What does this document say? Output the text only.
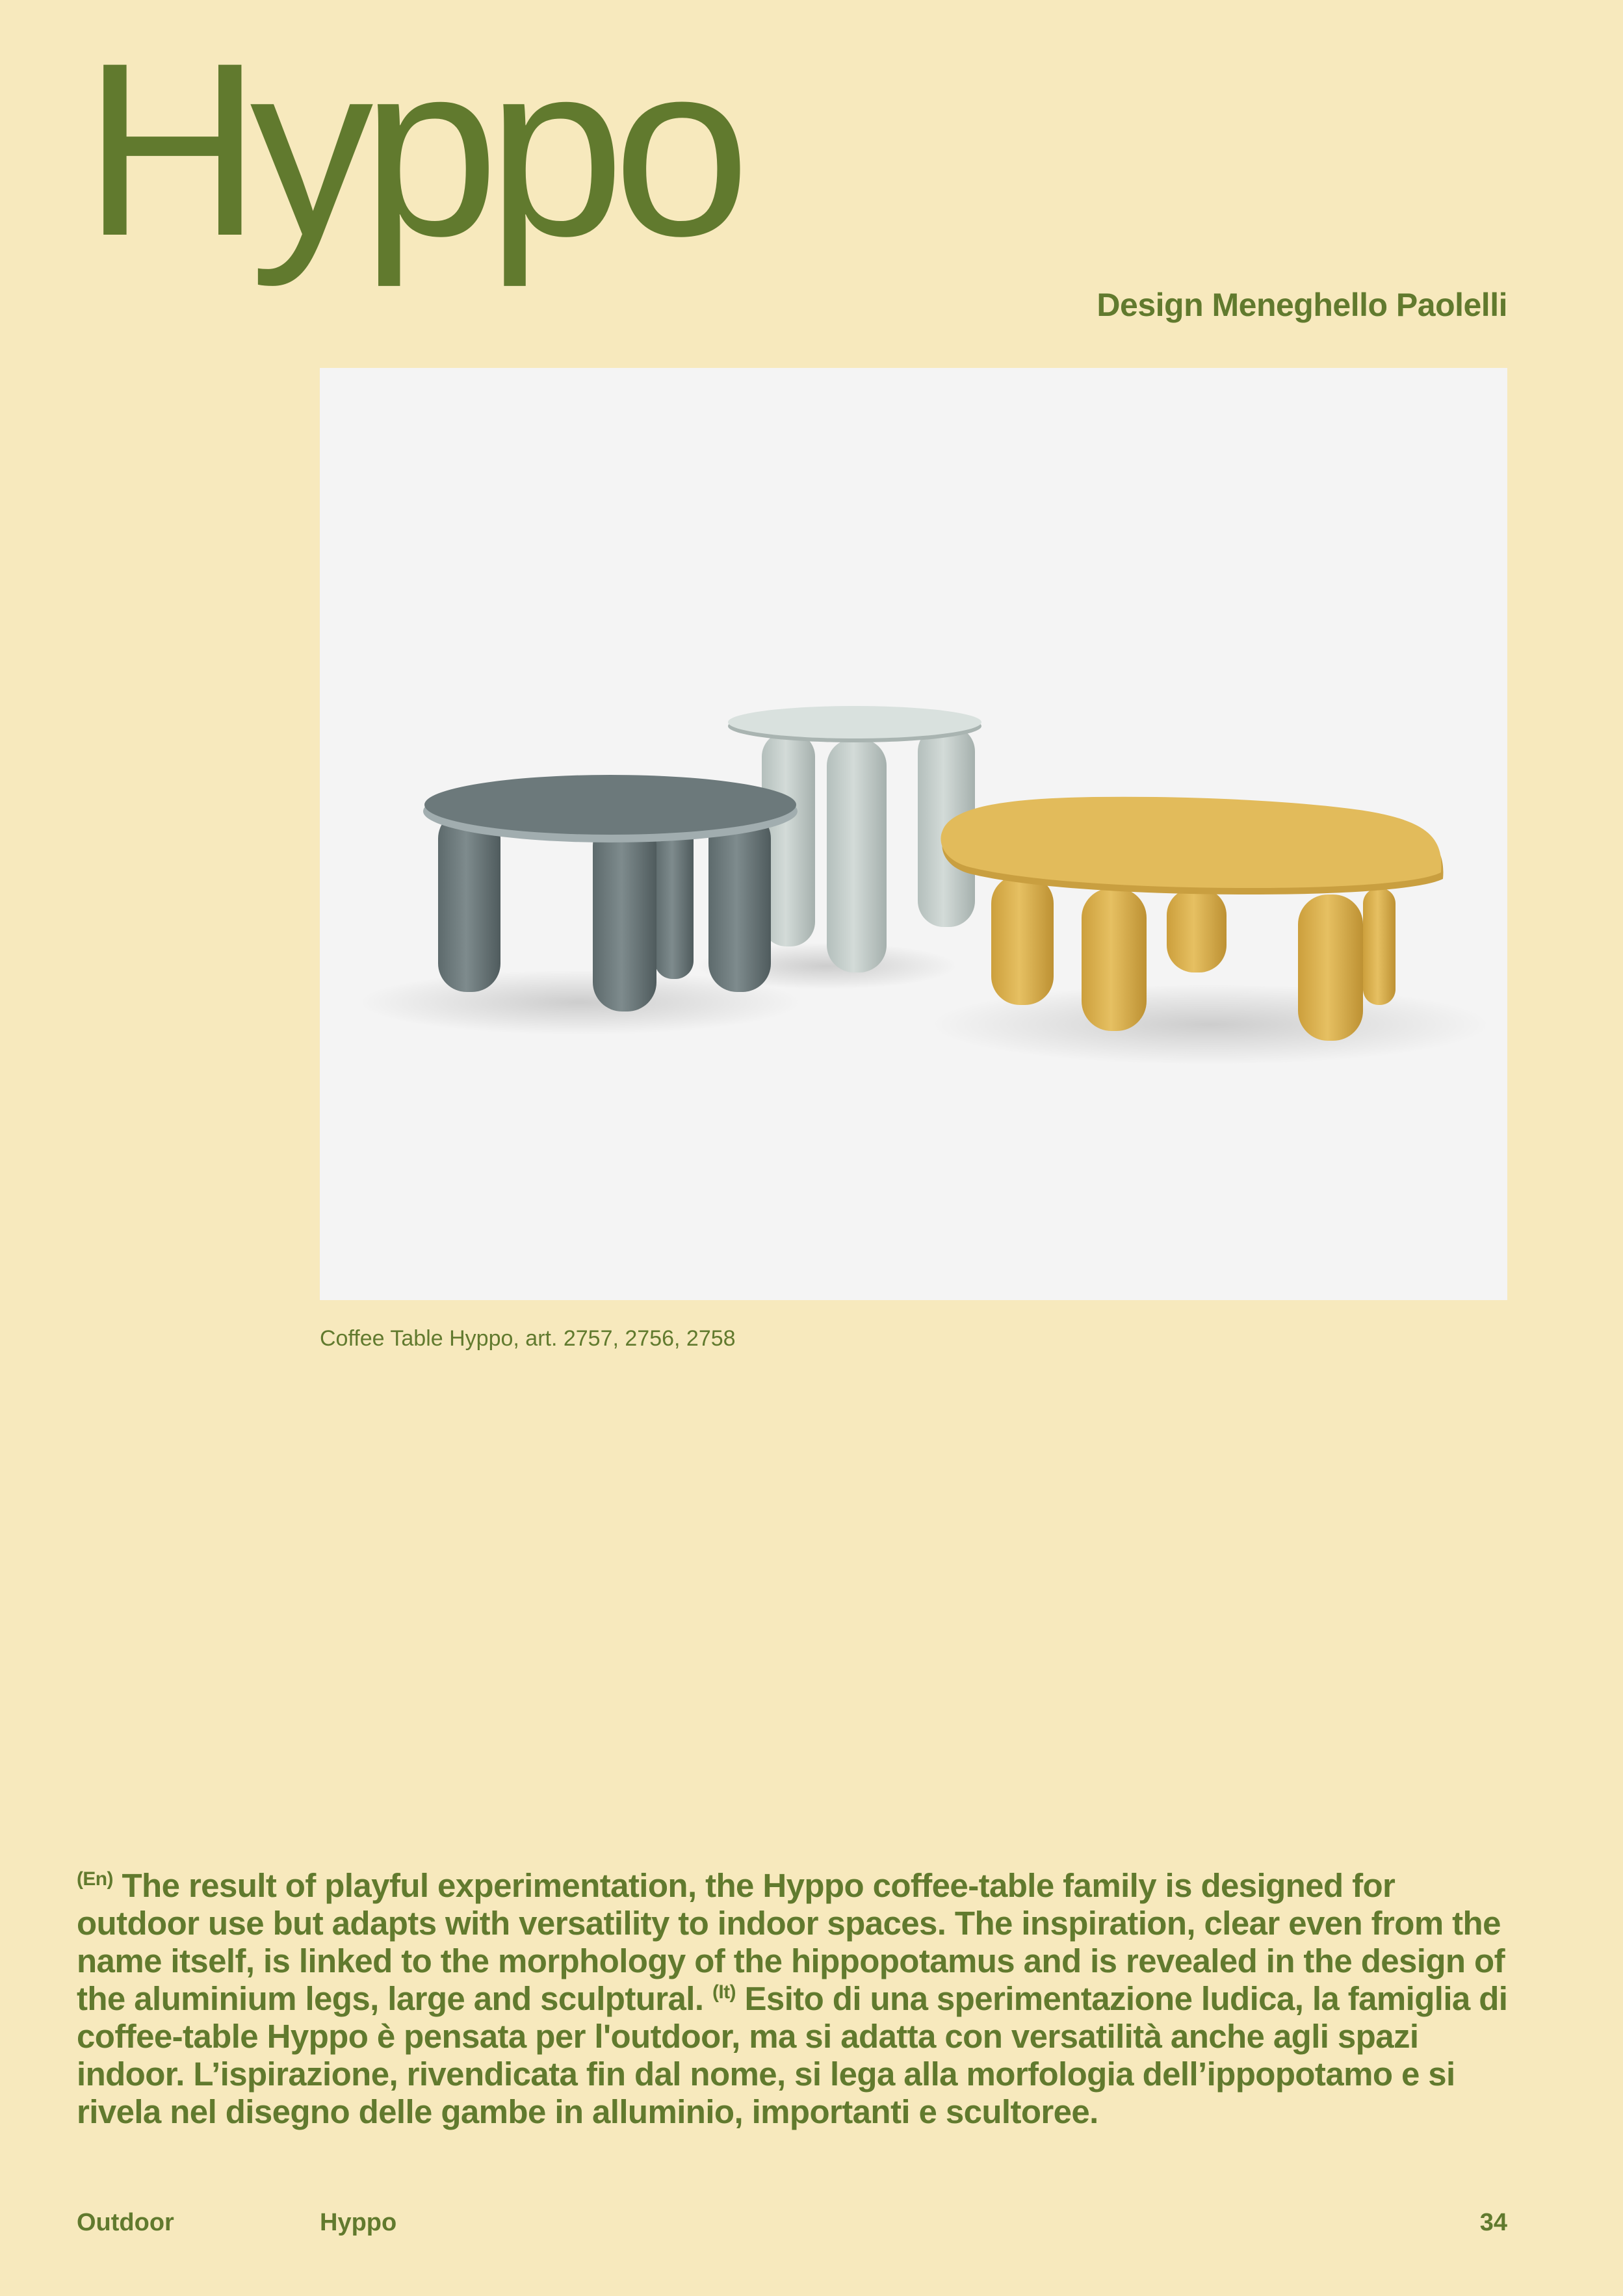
Hyppo

Design Meneghello Paolelli

Coffee Table Hyppo, art. 2757, 2756, 2758

$^{(En)}$ The result of playful experimentation, the Hyppo coffee-table family is designed for outdoor use but adapts with versatility to indoor spaces. The inspiration, clear even from the name itself, is linked to the morphology of the hippopotamus and is revealed in the design of the aluminium legs, large and sculptural. $^{(It)}$ Esito di una sperimentazione ludica, la famiglia di coffee-table Hyppo è pensata per l'outdoor, ma si adatta con versatilità anche agli spazi indoor. L’ispirazione, rivendicata fin dal nome, si lega alla morfologia dell’ippopotamo e si rivela nel disegno delle gambe in alluminio, importanti e scultoree.

Outdoor	Hyppo	34
